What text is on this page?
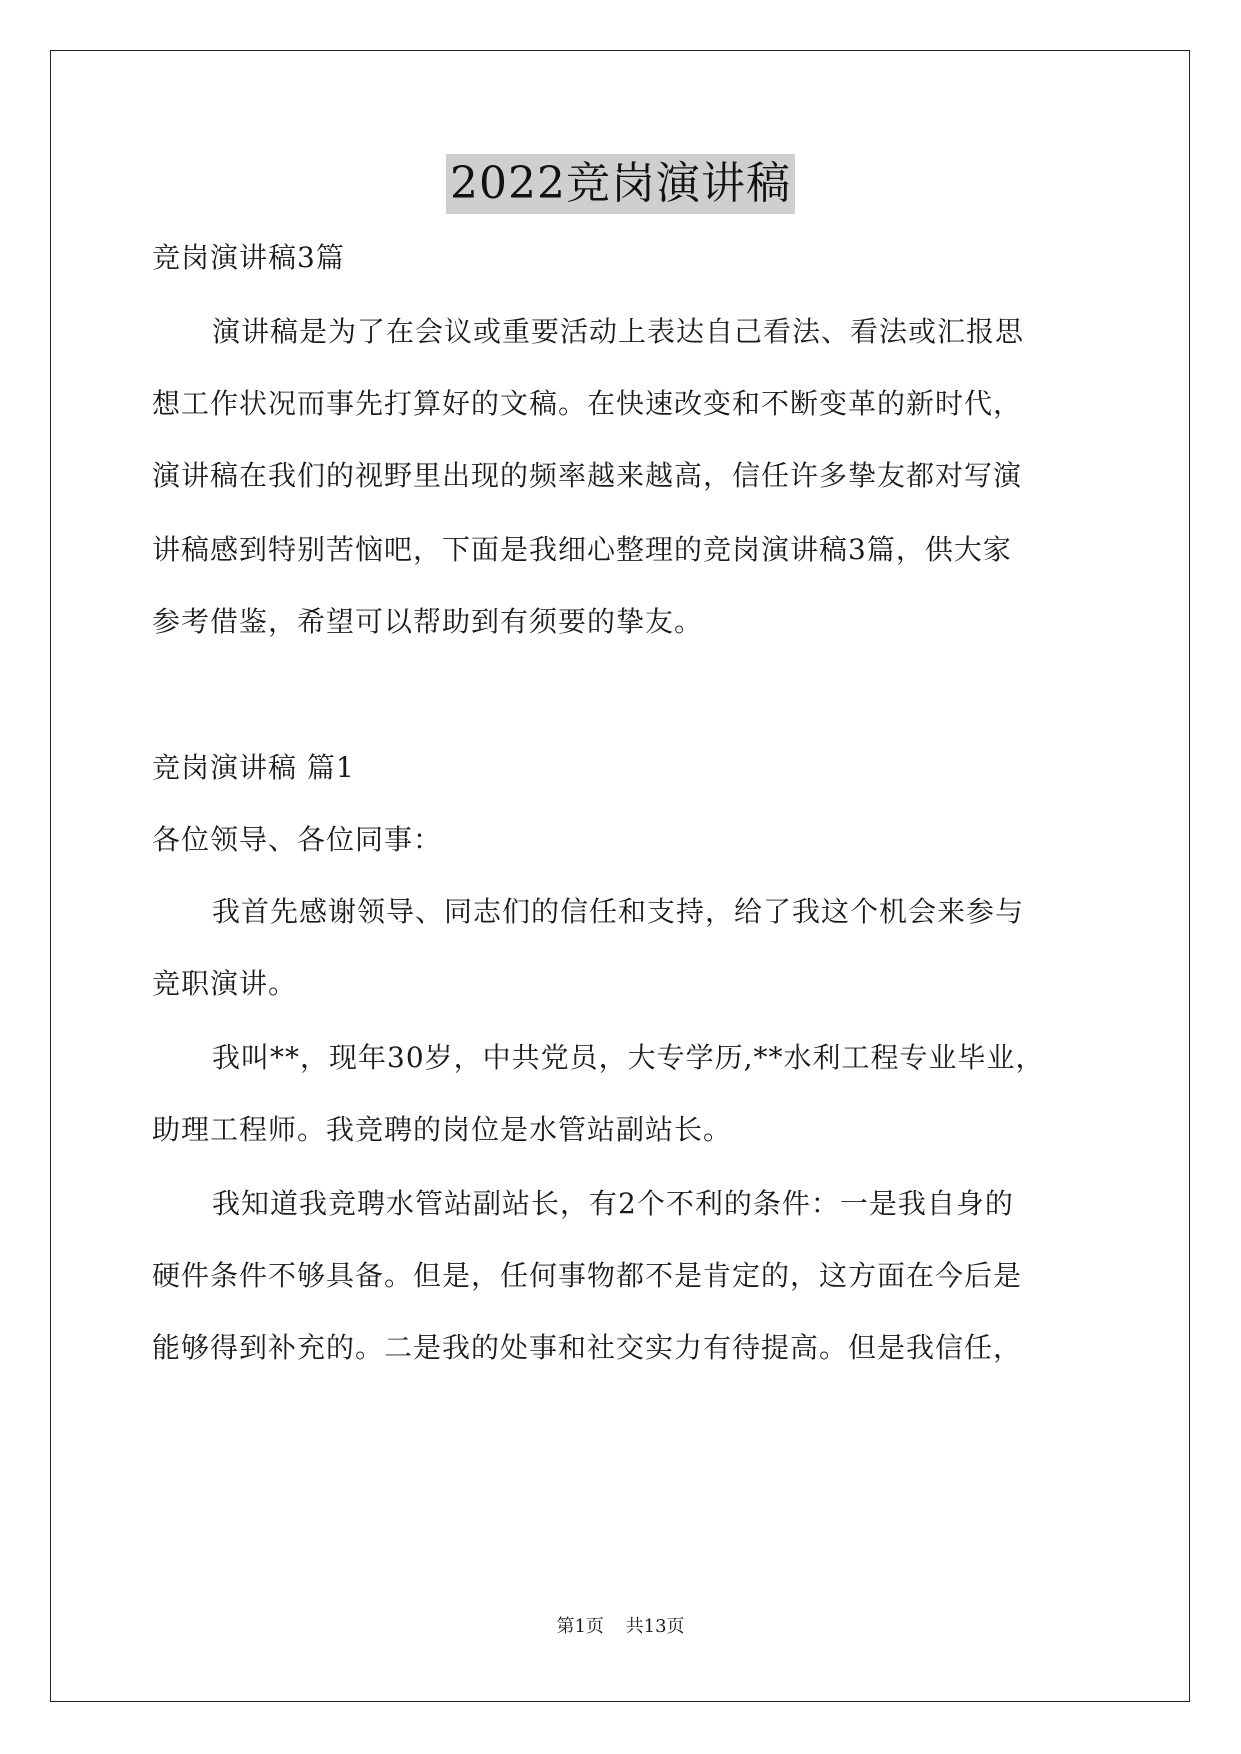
2022竞岗演讲稿
竞岗演讲稿3篇
演讲稿是为了在会议或重要活动上表达自己看法、看法或汇报思
想工作状况而事先打算好的文稿。在快速改变和不断变革的新时代，
演讲稿在我们的视野里出现的频率越来越高，信任许多挚友都对写演
讲稿感到特别苦恼吧，下面是我细心整理的竞岗演讲稿3篇，供大家
参考借鉴，希望可以帮助到有须要的挚友。
竞岗演讲稿 篇1
各位领导、各位同事：
我首先感谢领导、同志们的信任和支持，给了我这个机会来参与
竞职演讲。
我叫**，现年30岁，中共党员，大专学历,**水利工程专业毕业，
助理工程师。我竞聘的岗位是水管站副站长。
我知道我竞聘水管站副站长，有2个不利的条件：一是我自身的
硬件条件不够具备。但是，任何事物都不是肯定的，这方面在今后是
能够得到补充的。二是我的处事和社交实力有待提高。但是我信任，
第1页 共13页
